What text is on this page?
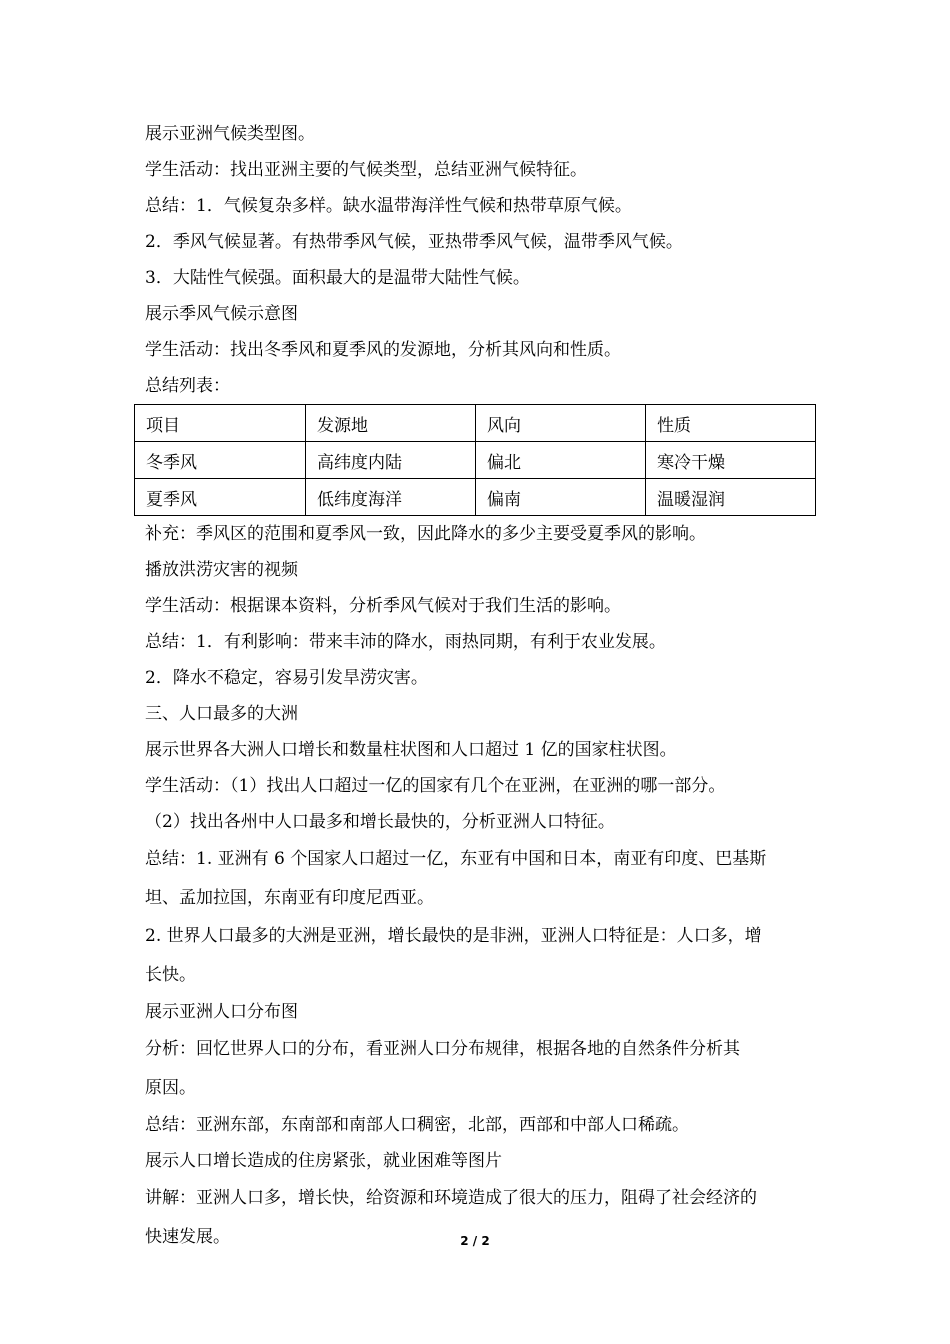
展示亚洲气候类型图。
学生活动：找出亚洲主要的气候类型，总结亚洲气候特征。
总结：1．气候复杂多样。缺水温带海洋性气候和热带草原气候。
2．季风气候显著。有热带季风气候，亚热带季风气候，温带季风气候。
3．大陆性气候强。面积最大的是温带大陆性气候。
展示季风气候示意图
学生活动：找出冬季风和夏季风的发源地，分析其风向和性质。
总结列表：
项目	发源地	风向	性质
冬季风	高纬度内陆	偏北	寒冷干燥
夏季风	低纬度海洋	偏南	温暖湿润
补充：季风区的范围和夏季风一致，因此降水的多少主要受夏季风的影响。
播放洪涝灾害的视频
学生活动：根据课本资料，分析季风气候对于我们生活的影响。
总结：1．有利影响：带来丰沛的降水，雨热同期，有利于农业发展。
2．降水不稳定，容易引发旱涝灾害。
三、人口最多的大洲
展示世界各大洲人口增长和数量柱状图和人口超过 1 亿的国家柱状图。
学生活动：（1）找出人口超过一亿的国家有几个在亚洲，在亚洲的哪一部分。
（2）找出各州中人口最多和增长最快的，分析亚洲人口特征。
总结：1. 亚洲有 6 个国家人口超过一亿，东亚有中国和日本，南亚有印度、巴基斯
坦、孟加拉国，东南亚有印度尼西亚。
2. 世界人口最多的大洲是亚洲，增长最快的是非洲，亚洲人口特征是：人口多，增
长快。
展示亚洲人口分布图
分析：回忆世界人口的分布，看亚洲人口分布规律，根据各地的自然条件分析其
原因。
总结：亚洲东部，东南部和南部人口稠密，北部，西部和中部人口稀疏。
展示人口增长造成的住房紧张，就业困难等图片
讲解：亚洲人口多，增长快，给资源和环境造成了很大的压力，阻碍了社会经济的
快速发展。	2 / 2
